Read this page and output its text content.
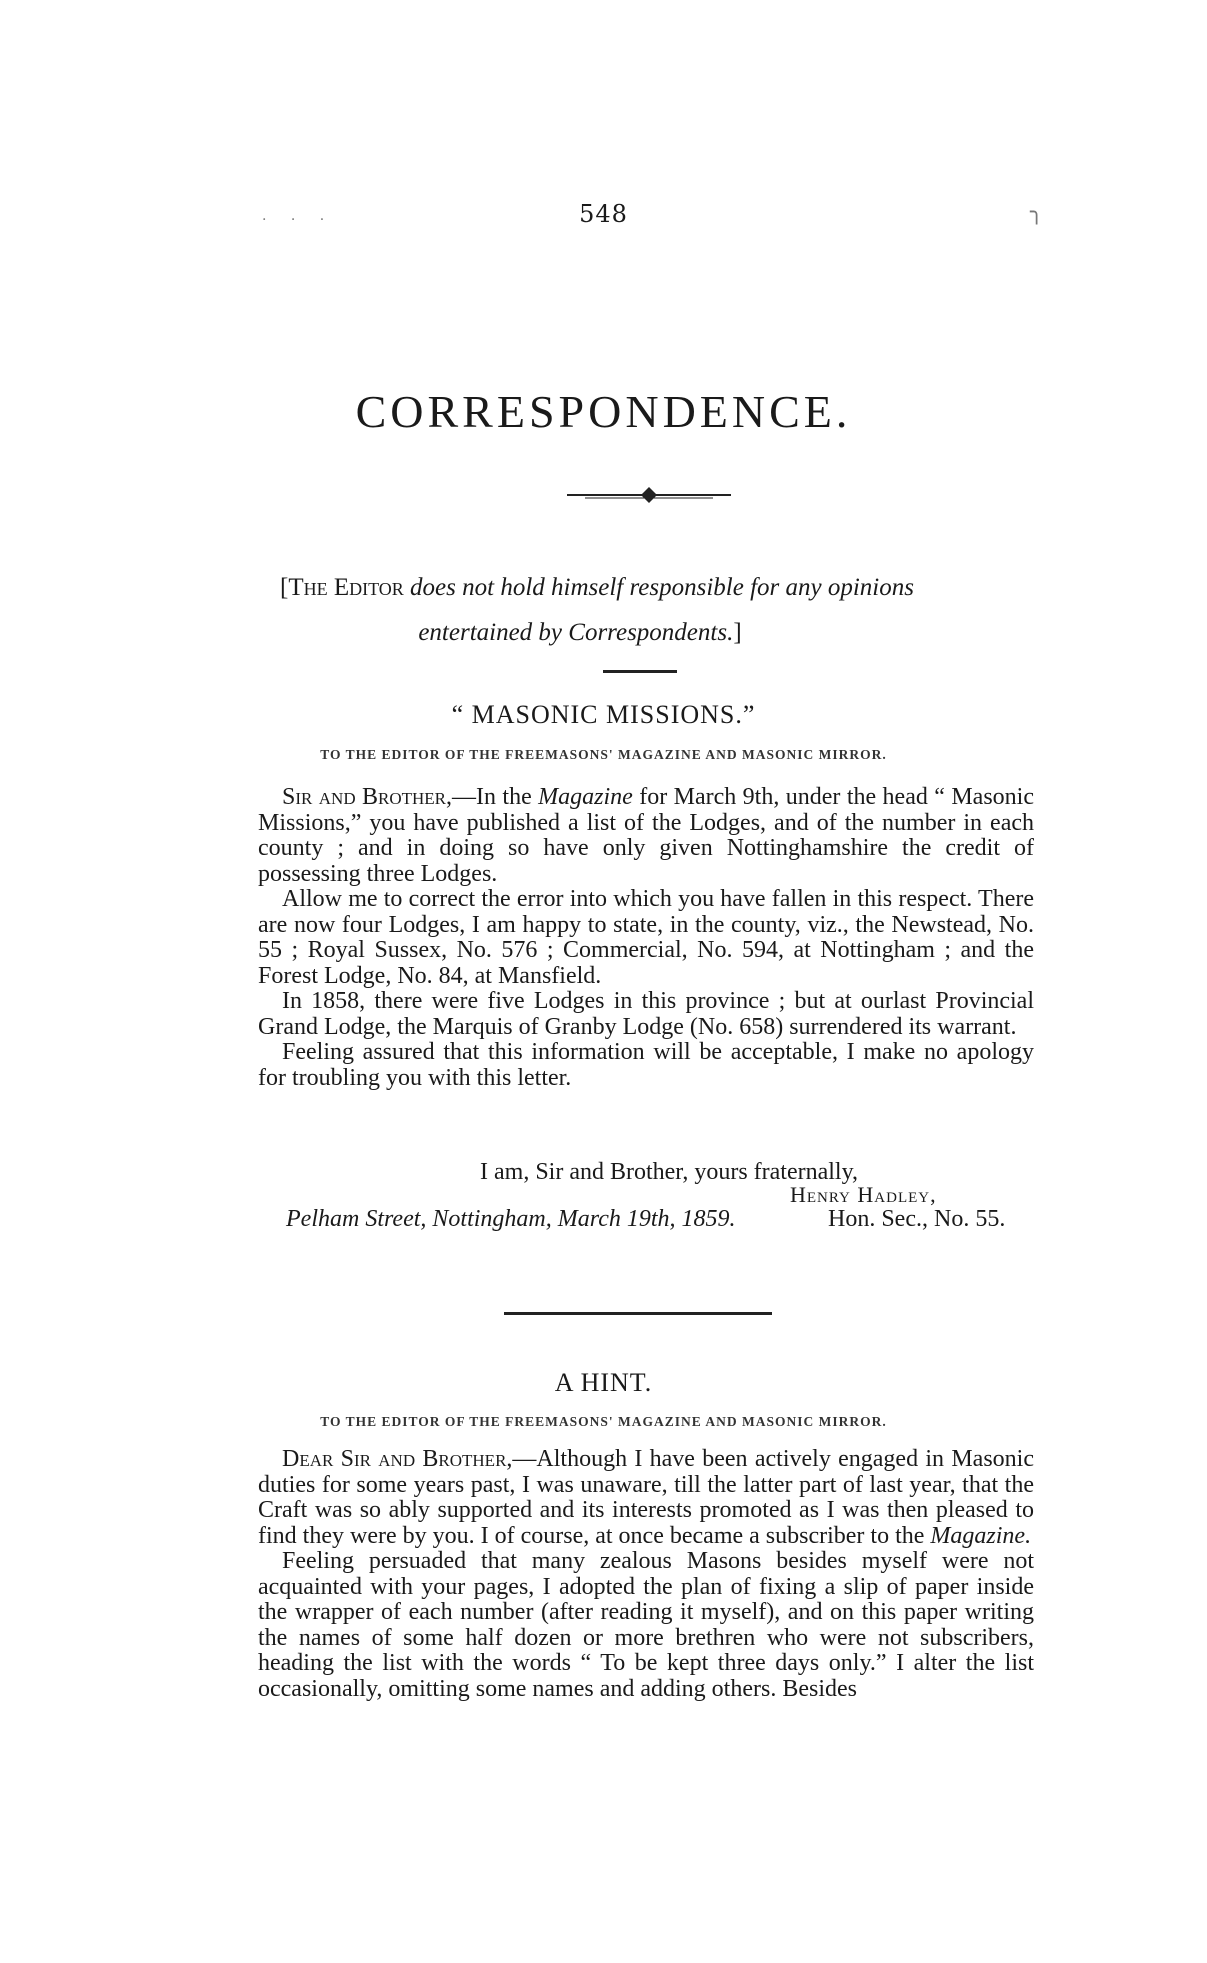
548
· · ·	╮
CORRESPONDENCE.
[The Editor does not hold himself responsible for any opinions
entertained by Correspondents.]
“ MASONIC MISSIONS.”
TO THE EDITOR OF THE FREEMASONS' MAGAZINE AND MASONIC MIRROR.

Sir and Brother,—In the Magazine for March 9th, under the head “ Masonic Missions,” you have published a list of the Lodges, and of the number in each county ; and in doing so have only given Nottinghamshire the credit of possessing three Lodges.

Allow me to correct the error into which you have fallen in this respect. There are now four Lodges, I am happy to state, in the county, viz., the Newstead, No. 55 ; Royal Sussex, No. 576 ; Commercial, No. 594, at Nottingham ; and the Forest Lodge, No. 84, at Mansfield.

In 1858, there were five Lodges in this province ; but at ourlast Provincial Grand Lodge, the Marquis of Granby Lodge (No. 658) surrendered its warrant.

Feeling assured that this information will be acceptable, I make no apology for troubling you with this letter.

I am, Sir and Brother, yours fraternally,
Henry Hadley,
Pelham Street, Nottingham, March 19th, 1859.	Hon. Sec., No. 55.
A HINT.
TO THE EDITOR OF THE FREEMASONS' MAGAZINE AND MASONIC MIRROR.

Dear Sir and Brother,—Although I have been actively engaged in Masonic duties for some years past, I was unaware, till the latter part of last year, that the Craft was so ably supported and its interests promoted as I was then pleased to find they were by you. I of course, at once became a subscriber to the Magazine.

Feeling persuaded that many zealous Masons besides myself were not acquainted with your pages, I adopted the plan of fixing a slip of paper inside the wrapper of each number (after reading it myself), and on this paper writing the names of some half dozen or more brethren who were not subscribers, heading the list with the words “ To be kept three days only.” I alter the list occasionally, omitting some names and adding others. Besides
